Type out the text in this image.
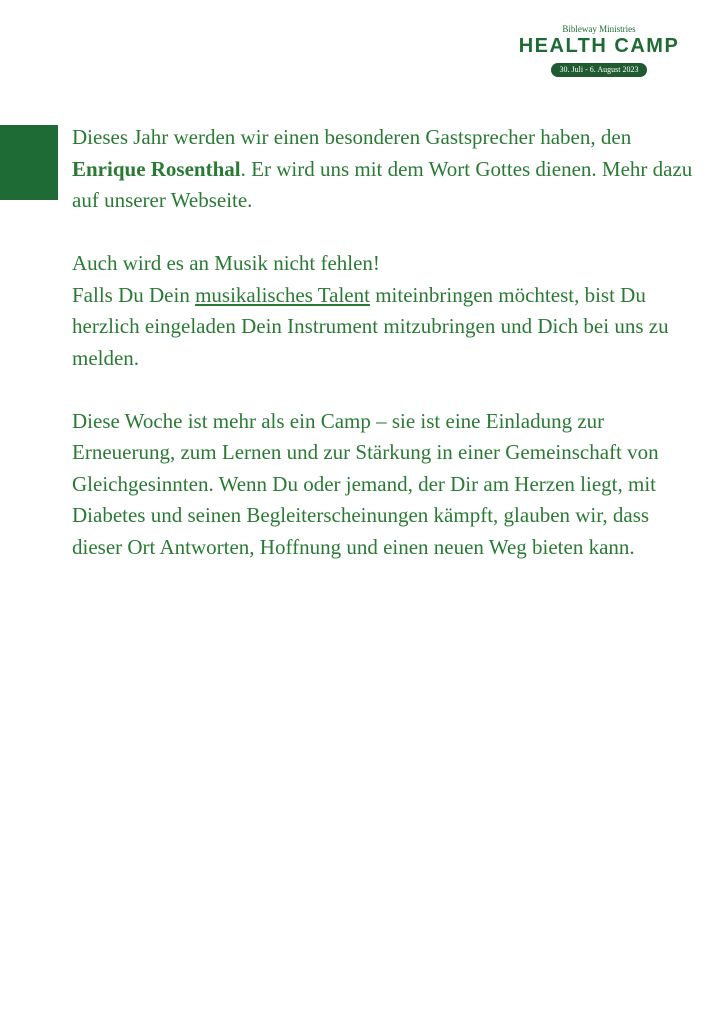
Bibleway Ministries
HEALTH CAMP
30. Juli - 6. August 2023

Dieses Jahr werden wir einen besonderen Gastsprecher haben, den Enrique Rosenthal. Er wird uns mit dem Wort Gottes dienen. Mehr dazu auf unserer Webseite.

Auch wird es an Musik nicht fehlen!
Falls Du Dein musikalisches Talent miteinbringen möchtest, bist Du herzlich eingeladen Dein Instrument mitzubringen und Dich bei uns zu melden.

Diese Woche ist mehr als ein Camp – sie ist eine Einladung zur Erneuerung, zum Lernen und zur Stärkung in einer Gemeinschaft von Gleichgesinnten. Wenn Du oder jemand, der Dir am Herzen liegt, mit Diabetes und seinen Begleiterscheinungen kämpft, glauben wir, dass dieser Ort Antworten, Hoffnung und einen neuen Weg bieten kann.
